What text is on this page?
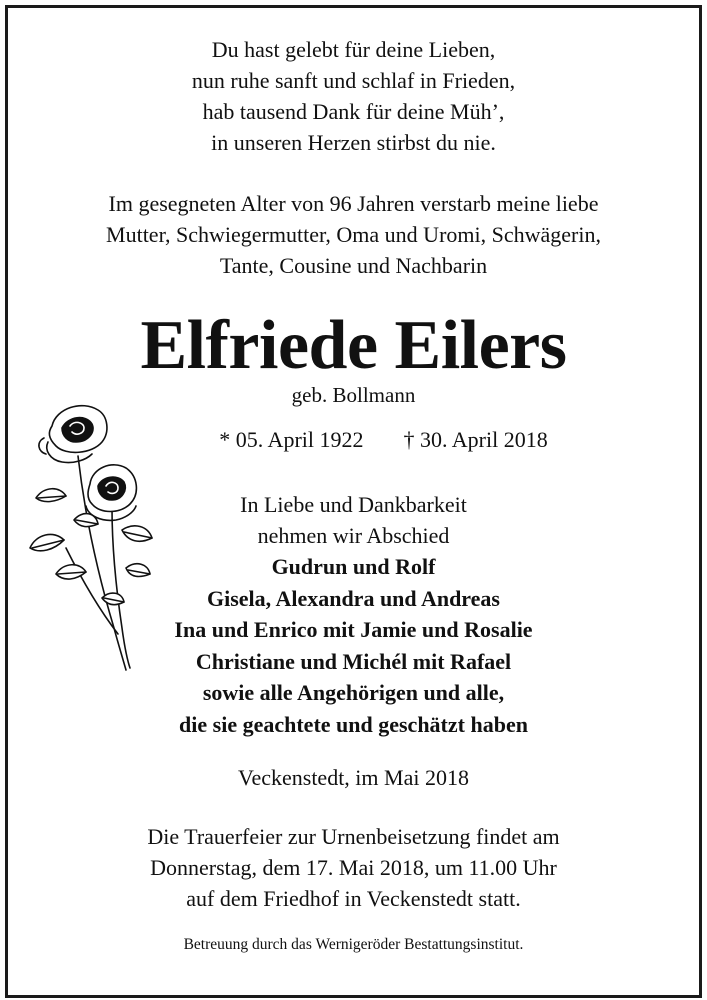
Du hast gelebt für deine Lieben,
nun ruhe sanft und schlaf in Frieden,
hab tausend Dank für deine Müh’,
in unseren Herzen stirbst du nie.
Im gesegneten Alter von 96 Jahren verstarb meine liebe
Mutter, Schwiegermutter, Oma und Uromi, Schwägerin,
Tante, Cousine und Nachbarin
Elfriede Eilers
geb. Bollmann
* 05. April 1922 † 30. April 2018
In Liebe und Dankbarkeit
nehmen wir Abschied
Gudrun und Rolf
Gisela, Alexandra und Andreas
Ina und Enrico mit Jamie und Rosalie
Christiane und Michél mit Rafael
sowie alle Angehörigen und alle,
die sie geachtete und geschätzt haben
Veckenstedt, im Mai 2018
Die Trauerfeier zur Urnenbeisetzung findet am
Donnerstag, dem 17. Mai 2018, um 11.00 Uhr
auf dem Friedhof in Veckenstedt statt.
Betreuung durch das Wernigeröder Bestattungsinstitut.
